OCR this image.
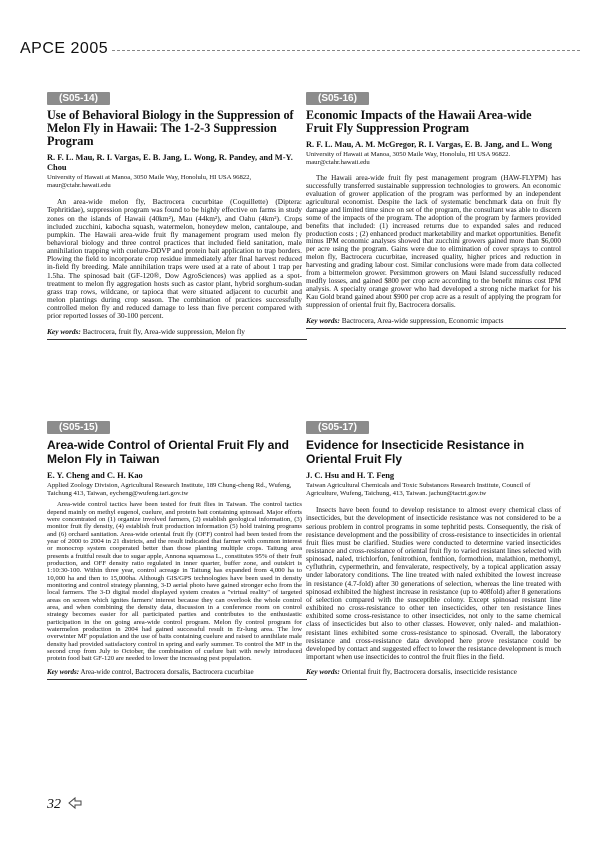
APCE 2005
(S05-14)
Use of Behavioral Biology in the Suppression of Melon Fly in Hawaii: The 1-2-3 Suppression Program
R. F. L. Mau, R. I. Vargas, E. B. Jang, L. Wong, R. Pandey, and M-Y. Chou
University of Hawaii at Manoa, 3050 Maile Way, Honolulu, HI USA 96822, maur@ctahr.hawaii.edu
An area-wide melon fly, Bactrocera cucurbitae (Coquillette) (Diptera: Tephritidae), suppression program was found to be highly effective on farms in study zones on the islands of Hawaii (40km²), Mau (44km²), and Oahu (4km²). Crops included zucchini, kabocha squash, watermelon, honeydew melon, cantaloupe, and pumpkin. The Hawaii area-wide fruit fly management program used melon fly behavioral biology and three control practices that included field sanitation, male annihilation trapping with cuelure-DDVP and protein bait application to trap borders. Plowing the field to incorporate crop residue immediately after final harvest reduced in-field fly breeding. Male annihilation traps were used at a rate of about 1 trap per 1.5ha. The spinosad bait (GF-120®, Dow AgroSciences) was applied as a spot-treatment to melon fly aggregation hosts such as castor plant, hybrid sorghum-sudan grass trap rows, wildcane, or tapioca that were situated adjacent to cucurbit and melon plantings during crop season. The combination of practices successfully controlled melon fly and reduced damage to less than five percent compared with prior reported losses of 30-100 percent.
Key words: Bactrocera, fruit fly, Area-wide suppression, Melon fly
(S05-15)
Area-wide Control of Oriental Fruit Fly and Melon Fly in Taiwan
E. Y. Cheng and C. H. Kao
Applied Zoology Division, Agricultural Research Institute, 189 Chung-cheng Rd., Wufeng, Taichung 413, Taiwan, eycheng@wufeng.tari.gov.tw
Area-wide control tactics have been tested for fruit flies in Taiwan. The control tactics depend mainly on methyl eugenol, cuelure, and protein bait containing spinosad. Major efforts were concentrated on (1) organize involved farmers, (2) establish geological information, (3) monitor fruit fly density, (4) establish fruit production information (5) hold training programs and (6) orchard sanitation. Area-wide oriental fruit fly (OFF) control had been tested from the year of 2000 to 2004 in 21 districts, and the result indicated that farmer with common interest or monocrop system cooperated better than those planting multiple crops. Taitung area presents a fruitful result due to sugar apple, Annona squamosa L., constitutes 95% of their fruit production, and OFF density ratio regulated in inner quarter, buffer zone, and outskirt is 1:10:30-100. Within three year, control acreage in Taitung has expanded from 4,000 ha to 10,000 ha and then to 15,000ha. Although GIS/GPS technologies have been used in density monitoring and control strategy planning, 3-D aerial photo have gained stronger echo from the local farmers. The 3-D digital model displayed system creates a "virtual reality" of targeted areas on screen which ignites farmers' interest because they can overlook the whole control area, and when combining the density data, discussion in a conference room on control strategy becomes easier for all participated parties and contributes to the enthusiastic participation in the on going area-wide control program. Melon fly control program for watermelon production in 2004 had gained successful result in Er-lung area. The low overwinter MF population and the use of baits containing cuelure and raised to annihilate male density had provided satisfactory control in spring and early summer. To control the MF in the second crop from July to October, the combination of cuelure bait with newly introduced protein food bait GF-120 are needed to lower the increasing pest population.
Key words: Area-wide control, Bactrocera dorsalis, Bactrocera cucurbitae
(S05-16)
Economic Impacts of the Hawaii Area-wide Fruit Fly Suppression Program
R. F. L. Mau, A. M. McGregor, R. I. Vargas, E. B. Jang, and L. Wong
University of Hawaii at Manoa, 3050 Maile Way, Honolulu, HI USA 96822. maur@ctahr.hawaii.edu
The Hawaii area-wide fruit fly pest management program (HAW-FLYPM) has successfully transferred sustainable suppression technologies to growers. An economic evaluation of grower application of the program was performed by an independent agricultural economist. Despite the lack of systematic benchmark data on fruit fly damage and limited time since on set of the program, the consultant was able to discern some of the impacts of the program. The adoption of the program by farmers provided benefits that included: (1) increased returns due to expanded sales and reduced production costs ; (2) enhanced product marketability and market opportunities. Benefit minus IPM economic analyses showed that zucchini growers gained more than $6,000 per acre using the program. Gains were due to elimination of cover sprays to control melon fly, Bactrocera cucurbitae, increased quality, higher prices and reduction in harvesting and grading labour cost. Similar conclusions were made from data collected from a bittermelon grower. Persimmon growers on Maui Island successfully reduced medfly losses, and gained $800 per crop acre according to the benefit minus cost IPM analysis. A specialty orange grower who had developed a strong niche market for his Kau Gold brand gained about $900 per crop acre as a result of applying the program for suppression of oriental fruit fly, Bactrocera dorsalis.
Key words: Bactrocera, Area-wide suppression, Economic impacts
(S05-17)
Evidence for Insecticide Resistance in Oriental Fruit Fly
J. C. Hsu and H. T. Feng
Taiwan Agricultural Chemicals and Toxic Substances Research Institute, Council of Agriculture, Wufeng, Taichung, 413, Taiwan. jachun@tactri.gov.tw
Insects have been found to develop resistance to almost every chemical class of insecticides, but the development of insecticide resistance was not considered to be a serious problem in control programs in some tephritid pests. Consequently, the risk of resistance development and the possibility of cross-resistance to insecticides in oriental fruit flies must be clarified. Studies were conducted to determine varied insecticides resistance and cross-resistance of oriental fruit fly to varied resistant lines selected with spinosad, naled, trichlorfon, fenitrothion, fenthion, formothion, malathion, methomyl, cyfluthrin, cypermethrin, and fenvalerate, respectively, by a topical application assay under laboratory conditions. The line treated with naled exhibited the lowest increase in resistance (4.7-fold) after 30 generations of selection, whereas the line treated with spinosad exhibited the highest increase in resistance (up to 408fold) after 8 generations of selection compared with the susceptible colony. Except spinosad resistant line exhibited no cross-resistance to other ten insecticides, other ten resistance lines exhibited some cross-resistance to other insecticides, not only to the same chemical class of insecticides but also to other classes. However, only naled- and malathion-resistant lines exhibited some cross-resistance to spinosad. Overall, the laboratory resistance and cross-resistance data developed here prove resistance could be developed by contact and suggested effect to lower the resistance development is much important when use insecticides to control the fruit flies in the field.
Key words: Oriental fruit fly, Bactrocera dorsalis, insecticide resistance
32
